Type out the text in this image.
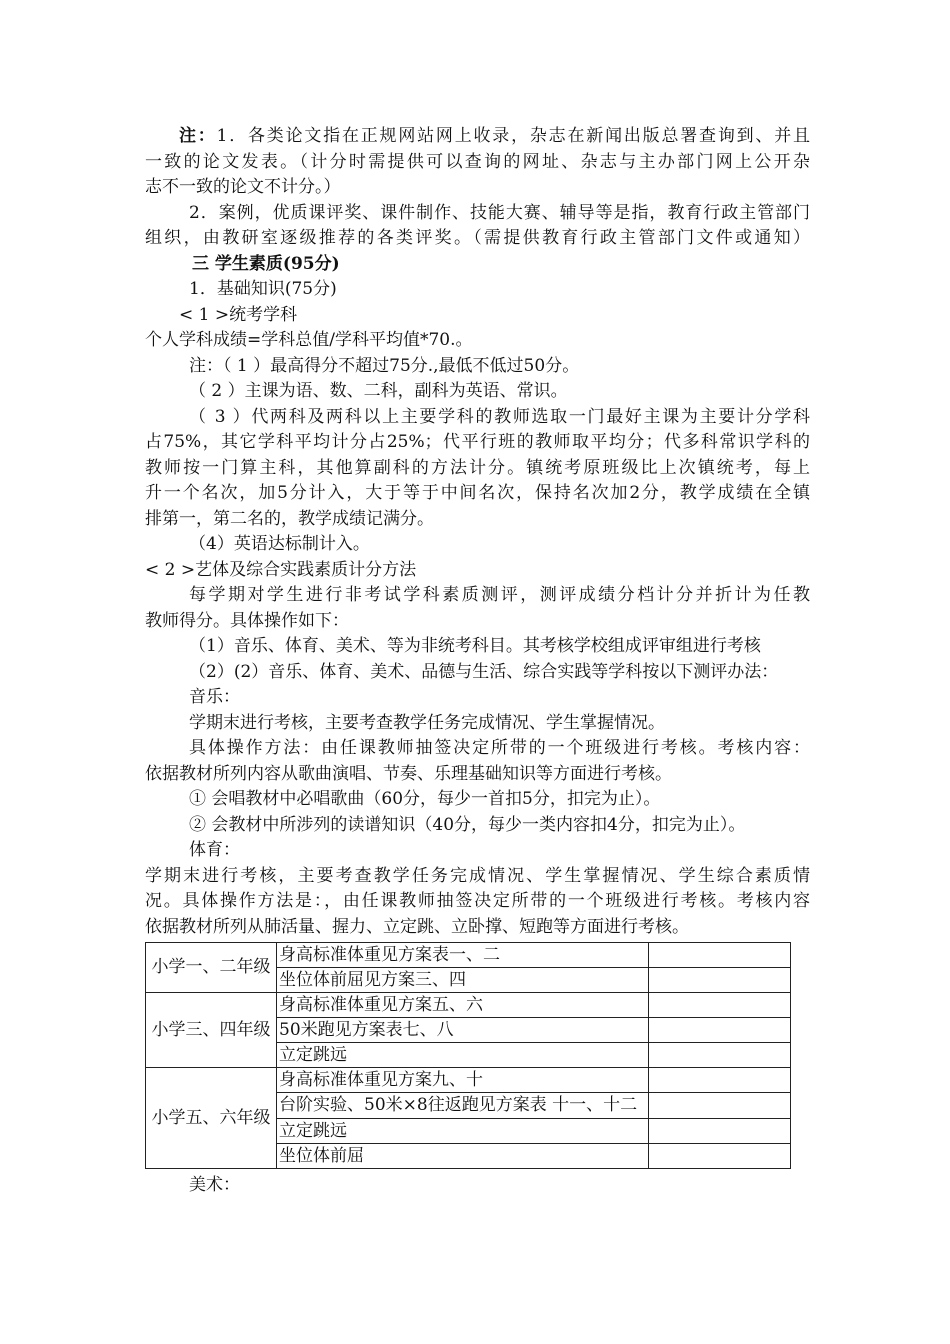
注：1．各类论文指在正规网站网上收录，杂志在新闻出版总署查询到、并且
一致的论文发表。（计分时需提供可以查询的网址、杂志与主办部门网上公开杂
志不一致的论文不计分。）
2．案例，优质课评奖、课件制作、技能大赛、辅导等是指，教育行政主管部门
组织，由教研室逐级推荐的各类评奖。（需提供教育行政主管部门文件或通知）
三 学生素质(95分)
1．基础知识(75分)
< 1 >统考学科
个人学科成绩=学科总值/学科平均值*70.。
注：（ 1 ）最高得分不超过75分.,最低不低过50分。
（ 2 ）主课为语、数、二科，副科为英语、常识。
（ 3 ）代两科及两科以上主要学科的教师选取一门最好主课为主要计分学科
占75%，其它学科平均计分占25%；代平行班的教师取平均分；代多科常识学科的
教师按一门算主科，其他算副科的方法计分。镇统考原班级比上次镇统考，每上
升一个名次，加5分计入，大于等于中间名次，保持名次加2分，教学成绩在全镇
排第一，第二名的，教学成绩记满分。
（4）英语达标制计入。
< 2 >艺体及综合实践素质计分方法
每学期对学生进行非考试学科素质测评，测评成绩分档计分并折计为任教
教师得分。具体操作如下：
（1）音乐、体育、美术、等为非统考科目。其考核学校组成评审组进行考核
（2）(2）音乐、体育、美术、品德与生活、综合实践等学科按以下测评办法：
音乐：
学期末进行考核，主要考查教学任务完成情况、学生掌握情况。
具体操作方法：由任课教师抽签决定所带的一个班级进行考核。考核内容：
依据教材所列内容从歌曲演唱、节奏、乐理基础知识等方面进行考核。
① 会唱教材中必唱歌曲（60分，每少一首扣5分，扣完为止）。
② 会教材中所涉列的读谱知识（40分，每少一类内容扣4分，扣完为止）。
体育：
学期末进行考核，主要考查教学任务完成情况、学生掌握情况、学生综合素质情
况。具体操作方法是：，由任课教师抽签决定所带的一个班级进行考核。考核内容
依据教材所列从肺活量、握力、立定跳、立卧撑、短跑等方面进行考核。
小学一、二年级	身高标准体重见方案表一、二	
	坐位体前屈见方案三、四	
小学三、四年级	身高标准体重见方案五、六	
	50米跑见方案表七、八	
	立定跳远	
小学五、六年级	身高标准体重见方案九、十	
	台阶实验、50米×8往返跑见方案表 十一、十二	
	立定跳远	
	坐位体前屈	
美术：
